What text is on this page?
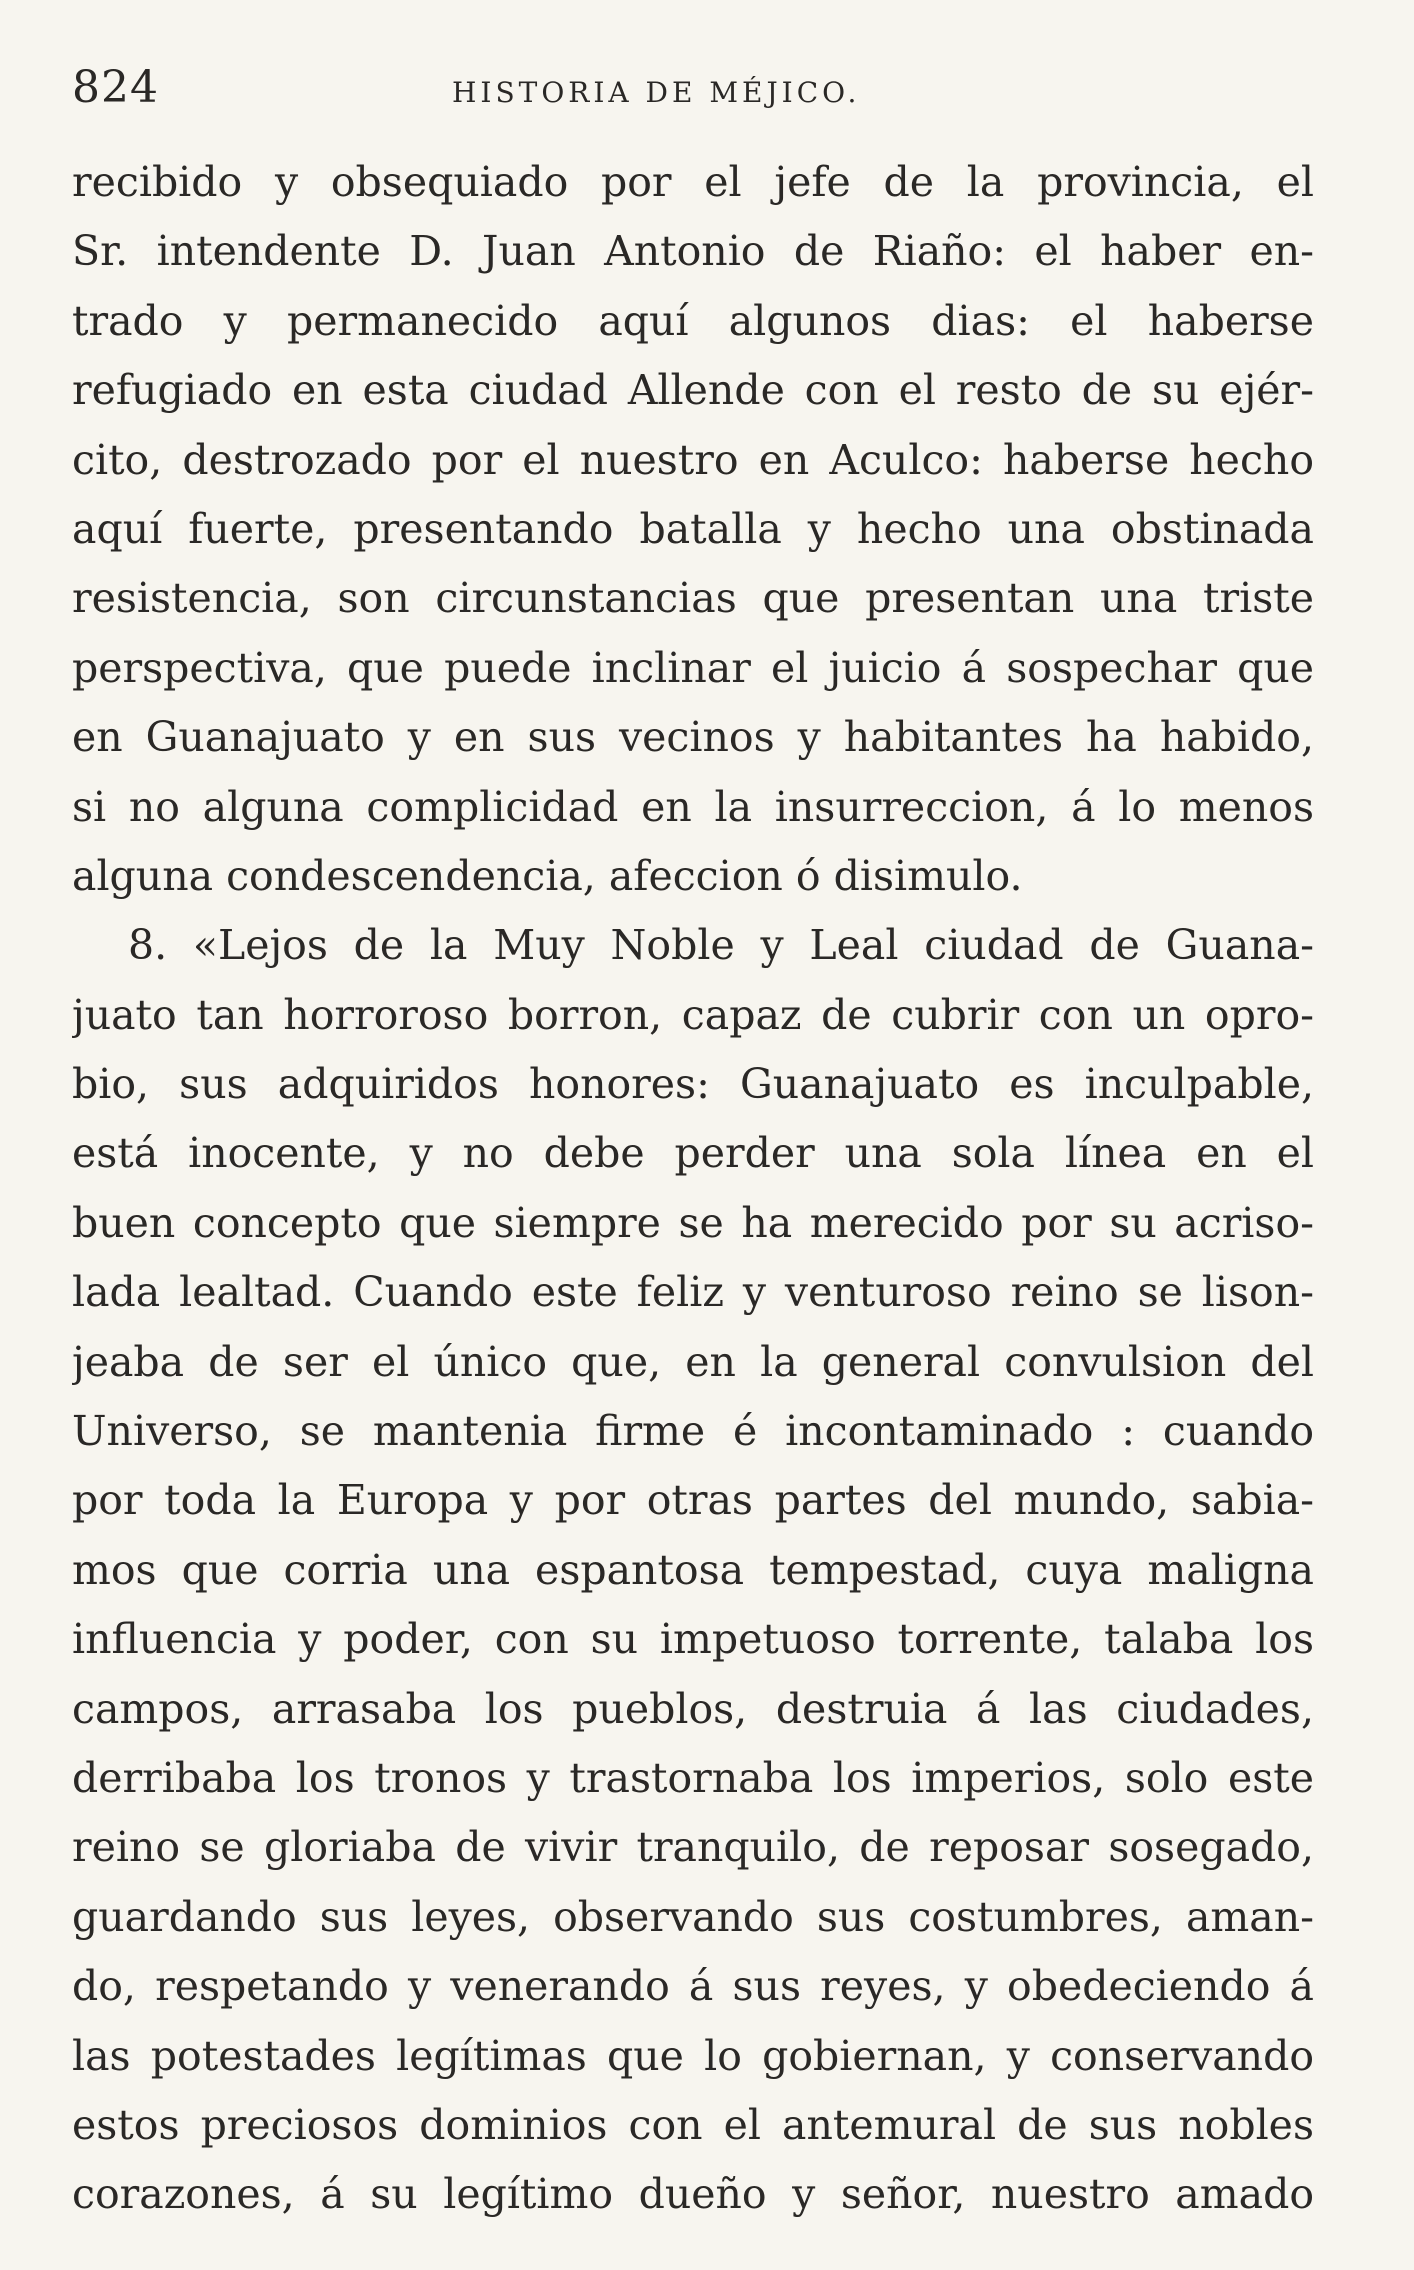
824	HISTORIA DE MÉJICO.
recibido y obsequiado por el jefe de la provincia, el
Sr. intendente D. Juan Antonio de Riaño: el haber en-
trado y permanecido aquí algunos dias: el haberse
refugiado en esta ciudad Allende con el resto de su ejér-
cito, destrozado por el nuestro en Aculco: haberse hecho
aquí fuerte, presentando batalla y hecho una obstinada
resistencia, son circunstancias que presentan una triste
perspectiva, que puede inclinar el juicio á sospechar que
en Guanajuato y en sus vecinos y habitantes ha habido,
si no alguna complicidad en la insurreccion, á lo menos
alguna condescendencia, afeccion ó disimulo.
8. «Lejos de la Muy Noble y Leal ciudad de Guana-
juato tan horroroso borron, capaz de cubrir con un opro-
bio, sus adquiridos honores: Guanajuato es inculpable,
está inocente, y no debe perder una sola línea en el
buen concepto que siempre se ha merecido por su acriso-
lada lealtad. Cuando este feliz y venturoso reino se lison-
jeaba de ser el único que, en la general convulsion del
Universo, se mantenia firme é incontaminado : cuando
por toda la Europa y por otras partes del mundo, sabia-
mos que corria una espantosa tempestad, cuya maligna
influencia y poder, con su impetuoso torrente, talaba los
campos, arrasaba los pueblos, destruia á las ciudades,
derribaba los tronos y trastornaba los imperios, solo este
reino se gloriaba de vivir tranquilo, de reposar sosegado,
guardando sus leyes, observando sus costumbres, aman-
do, respetando y venerando á sus reyes, y obedeciendo á
las potestades legítimas que lo gobiernan, y conservando
estos preciosos dominios con el antemural de sus nobles
corazones, á su legítimo dueño y señor, nuestro amado
